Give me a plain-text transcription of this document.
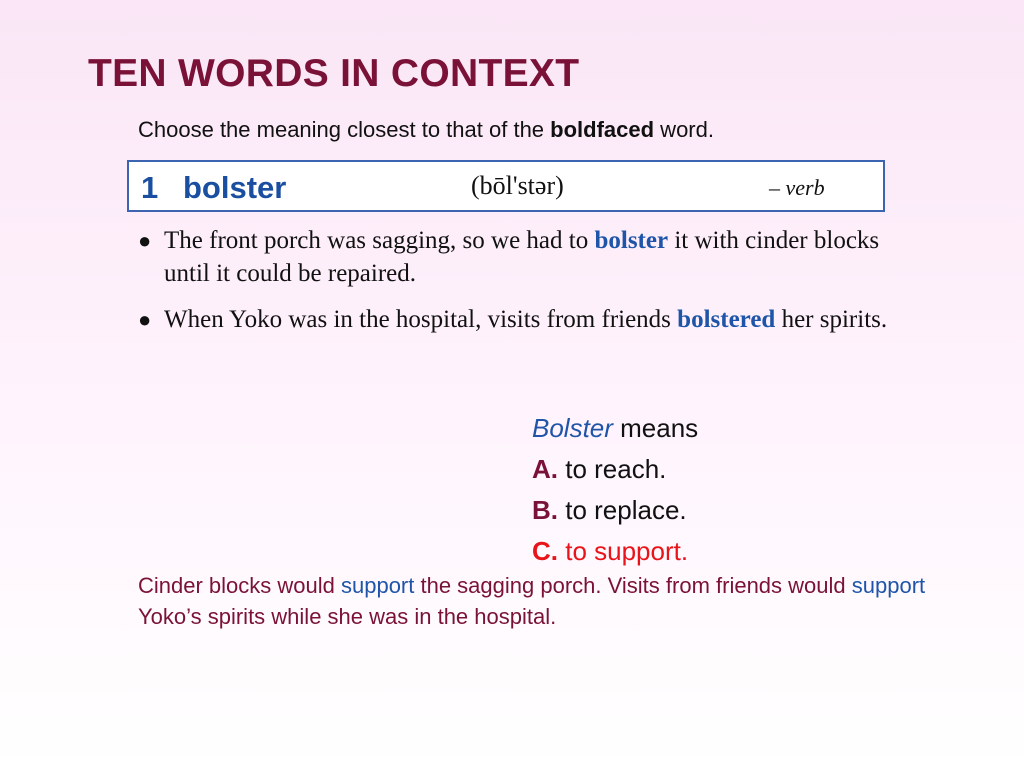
TEN WORDS IN CONTEXT
Choose the meaning closest to that of the boldfaced word.
1 bolster	(bōl'stər)	– verb
● The front porch was sagging, so we had to bolster it with cinder blocks until it could be repaired.
● When Yoko was in the hospital, visits from friends bolstered her spirits.
Bolster means
A. to reach.
B. to replace.
C. to support.
Cinder blocks would support the sagging porch. Visits from friends would support Yoko’s spirits while she was in the hospital.
